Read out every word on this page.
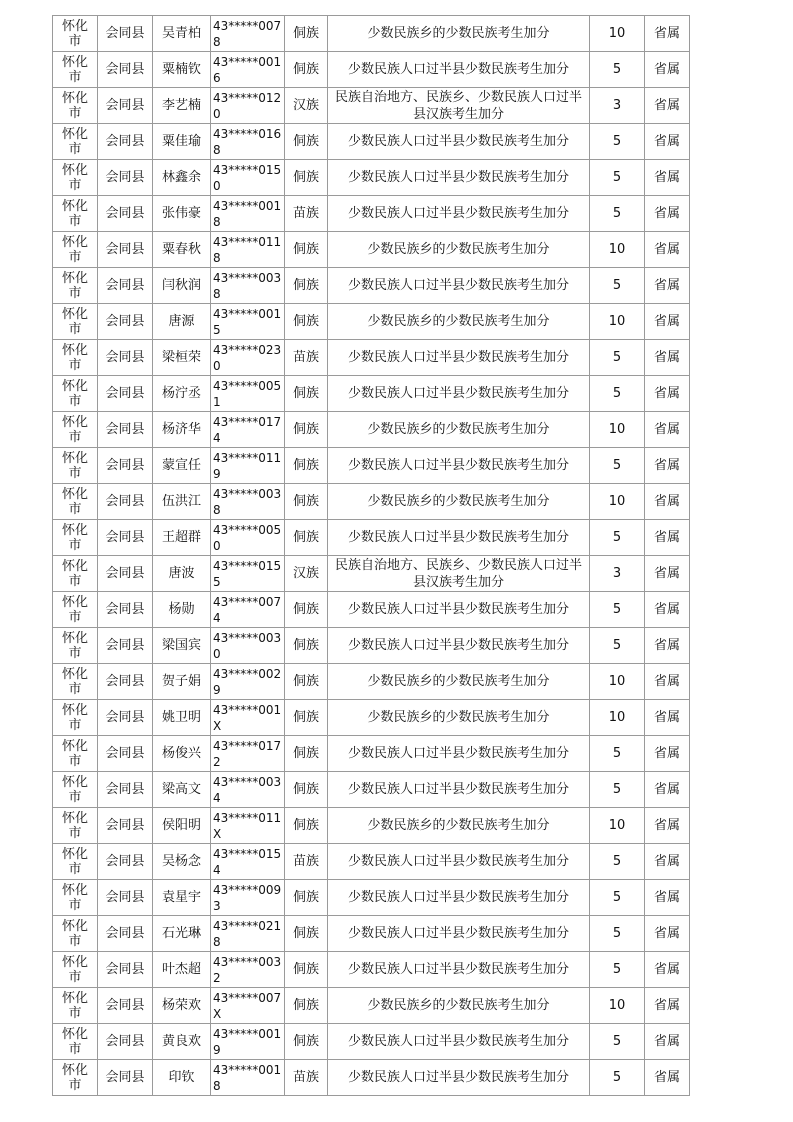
怀化市	会同县	吴青柏	43*****0078	侗族	少数民族乡的少数民族考生加分	10	省属

怀化市	会同县	粟楠钦	43*****0016	侗族	少数民族人口过半县少数民族考生加分	5	省属

怀化市	会同县	李艺楠	43*****0120	汉族	民族自治地方、民族乡、少数民族人口过半县汉族考生加分	3	省属

怀化市	会同县	粟佳瑜	43*****0168	侗族	少数民族人口过半县少数民族考生加分	5	省属

怀化市	会同县	林鑫余	43*****0150	侗族	少数民族人口过半县少数民族考生加分	5	省属

怀化市	会同县	张伟豪	43*****0018	苗族	少数民族人口过半县少数民族考生加分	5	省属

怀化市	会同县	粟春秋	43*****0118	侗族	少数民族乡的少数民族考生加分	10	省属

怀化市	会同县	闫秋润	43*****0038	侗族	少数民族人口过半县少数民族考生加分	5	省属

怀化市	会同县	唐源	43*****0015	侗族	少数民族乡的少数民族考生加分	10	省属

怀化市	会同县	梁桓荣	43*****0230	苗族	少数民族人口过半县少数民族考生加分	5	省属

怀化市	会同县	杨泞丞	43*****0051	侗族	少数民族人口过半县少数民族考生加分	5	省属

怀化市	会同县	杨济华	43*****0174	侗族	少数民族乡的少数民族考生加分	10	省属

怀化市	会同县	蒙宣任	43*****0119	侗族	少数民族人口过半县少数民族考生加分	5	省属

怀化市	会同县	伍洪江	43*****0038	侗族	少数民族乡的少数民族考生加分	10	省属

怀化市	会同县	王超群	43*****0050	侗族	少数民族人口过半县少数民族考生加分	5	省属

怀化市	会同县	唐波	43*****0155	汉族	民族自治地方、民族乡、少数民族人口过半县汉族考生加分	3	省属

怀化市	会同县	杨勋	43*****0074	侗族	少数民族人口过半县少数民族考生加分	5	省属

怀化市	会同县	梁国宾	43*****0030	侗族	少数民族人口过半县少数民族考生加分	5	省属

怀化市	会同县	贺子娟	43*****0029	侗族	少数民族乡的少数民族考生加分	10	省属

怀化市	会同县	姚卫明	43*****001X	侗族	少数民族乡的少数民族考生加分	10	省属

怀化市	会同县	杨俊兴	43*****0172	侗族	少数民族人口过半县少数民族考生加分	5	省属

怀化市	会同县	梁高文	43*****0034	侗族	少数民族人口过半县少数民族考生加分	5	省属

怀化市	会同县	侯阳明	43*****011X	侗族	少数民族乡的少数民族考生加分	10	省属

怀化市	会同县	吴杨念	43*****0154	苗族	少数民族人口过半县少数民族考生加分	5	省属

怀化市	会同县	袁星宇	43*****0093	侗族	少数民族人口过半县少数民族考生加分	5	省属

怀化市	会同县	石光琳	43*****0218	侗族	少数民族人口过半县少数民族考生加分	5	省属

怀化市	会同县	叶杰超	43*****0032	侗族	少数民族人口过半县少数民族考生加分	5	省属

怀化市	会同县	杨荣欢	43*****007X	侗族	少数民族乡的少数民族考生加分	10	省属

怀化市	会同县	黄良欢	43*****0019	侗族	少数民族人口过半县少数民族考生加分	5	省属

怀化市	会同县	印钦	43*****0018	苗族	少数民族人口过半县少数民族考生加分	5	省属
